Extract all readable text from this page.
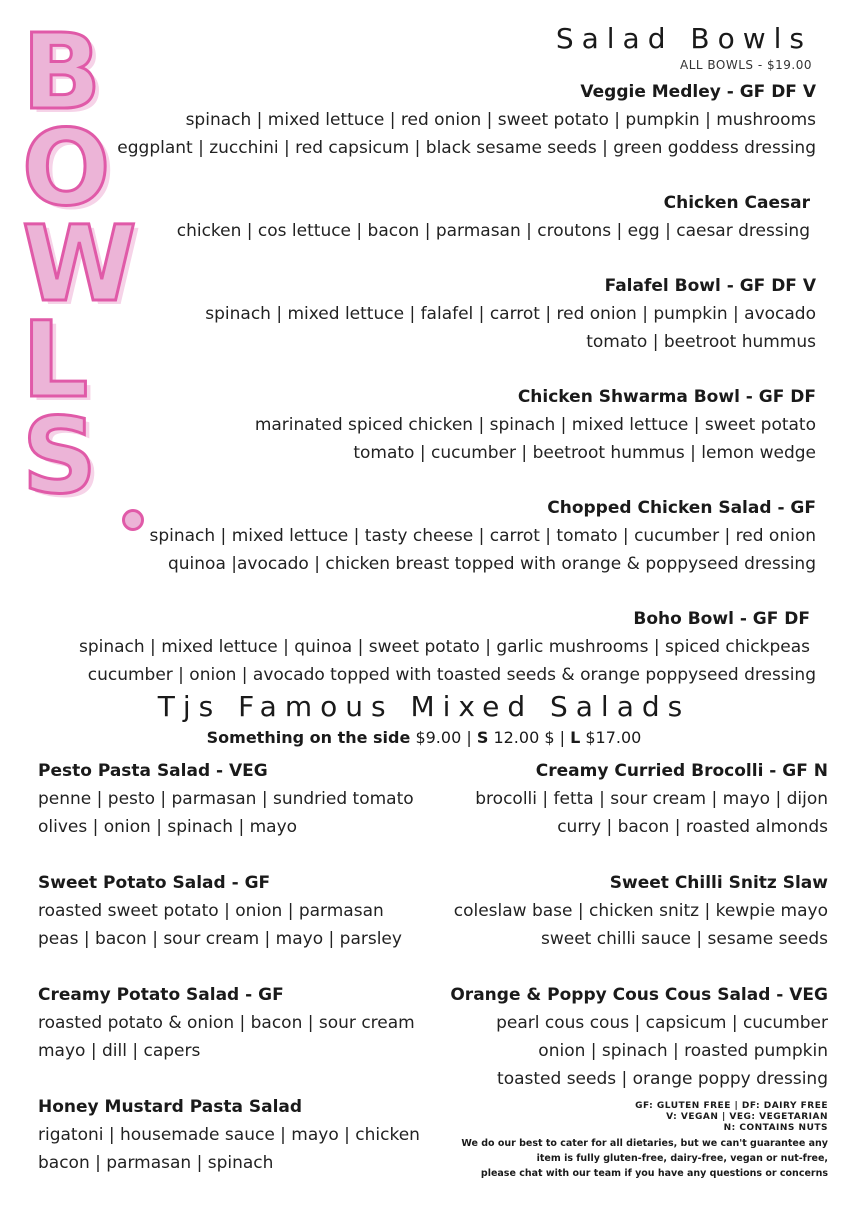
B
O
W
L
S
Salad Bowls
ALL BOWLS - $19.00
Veggie Medley - GF DF V
spinach | mixed lettuce | red onion | sweet potato | pumpkin | mushrooms
eggplant | zucchini | red capsicum | black sesame seeds | green goddess dressing
Chicken Caesar
chicken | cos lettuce | bacon | parmasan | croutons | egg | caesar dressing
Falafel Bowl - GF DF V
spinach | mixed lettuce | falafel | carrot | red onion | pumpkin | avocado
tomato | beetroot hummus
Chicken Shwarma Bowl - GF DF
marinated spiced chicken | spinach | mixed lettuce | sweet potato
tomato | cucumber | beetroot hummus | lemon wedge
Chopped Chicken Salad - GF
spinach | mixed lettuce | tasty cheese | carrot | tomato | cucumber | red onion
quinoa |avocado | chicken breast topped with orange & poppyseed dressing
Boho Bowl - GF DF
spinach | mixed lettuce | quinoa | sweet potato | garlic mushrooms | spiced chickpeas
cucumber | onion | avocado topped with toasted seeds & orange poppyseed dressing
Tjs Famous Mixed Salads
Something on the side $9.00 | S 12.00 $ | L $17.00
Pesto Pasta Salad - VEG
penne | pesto | parmasan | sundried tomato
olives | onion | spinach | mayo
Sweet Potato Salad - GF
roasted sweet potato | onion | parmasan
peas | bacon | sour cream | mayo | parsley
Creamy Potato Salad - GF
roasted potato & onion | bacon | sour cream
mayo | dill | capers
Honey Mustard Pasta Salad
rigatoni | housemade sauce | mayo | chicken
bacon | parmasan | spinach
Creamy Curried Brocolli - GF N
brocolli | fetta | sour cream | mayo | dijon
curry | bacon | roasted almonds
Sweet Chilli Snitz Slaw
coleslaw base | chicken snitz | kewpie mayo
sweet chilli sauce | sesame seeds
Orange & Poppy Cous Cous Salad - VEG
pearl cous cous | capsicum | cucumber
onion | spinach | roasted pumpkin
toasted seeds | orange poppy dressing
GF: GLUTEN FREE | DF: DAIRY FREE
V: VEGAN | VEG: VEGETARIAN
N: CONTAINS NUTS
We do our best to cater for all dietaries, but we can't guarantee any
item is fully gluten-free, dairy-free, vegan or nut-free,
please chat with our team if you have any questions or concerns
